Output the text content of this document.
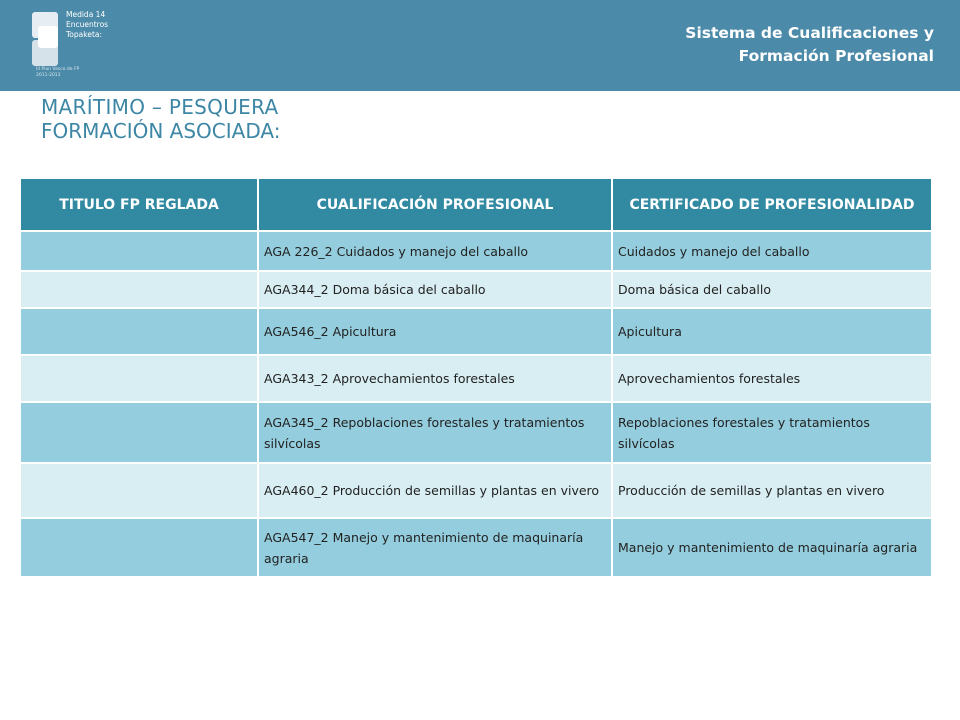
Medida 14
Encuentros
Topaketa:
III Plan Vasco de FP
2011-2013
Sistema de Cualificaciones y
Formación Profesional
MARÍTIMO – PESQUERA
FORMACIÓN ASOCIADA:
TITULO FP REGLADA	CUALIFICACIÓN PROFESIONAL	CERTIFICADO DE PROFESIONALIDAD
	AGA 226_2 Cuidados y manejo del caballo	Cuidados y manejo del caballo
	AGA344_2 Doma básica del caballo	Doma básica del caballo
	AGA546_2 Apicultura	Apicultura
	AGA343_2 Aprovechamientos forestales	Aprovechamientos forestales
	AGA345_2 Repoblaciones forestales y tratamientos silvícolas	Repoblaciones forestales y tratamientos silvícolas
	AGA460_2 Producción de semillas y plantas en vivero	Producción de semillas y plantas en vivero
	AGA547_2 Manejo y mantenimiento de maquinaría agraria	Manejo y mantenimiento de maquinaría agraria
